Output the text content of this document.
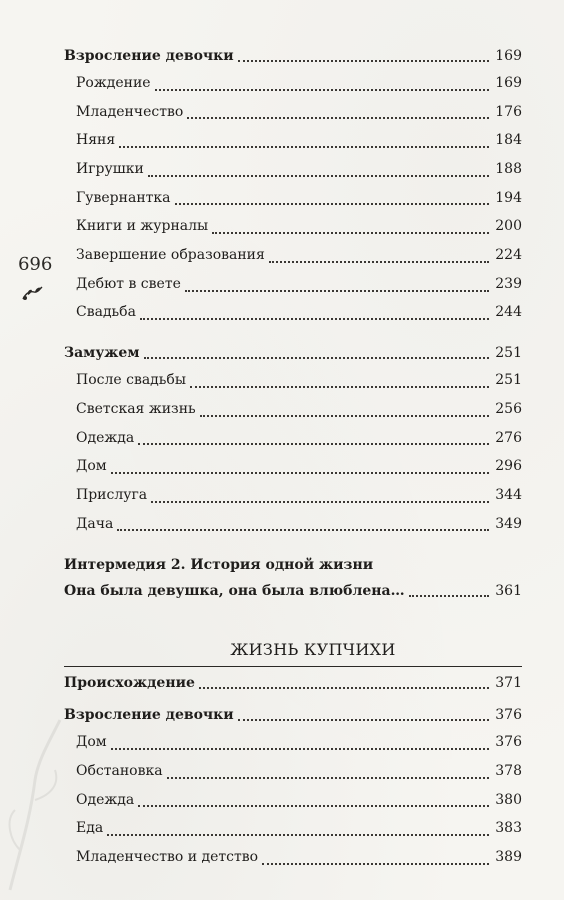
969
Взросление девочки	169
Рождение	169
Младенчество	176
Няня	184
Игрушки	188
Гувернантка	194
Книги и журналы	200
Завершение образования	224
Дебют в свете	239
Свадьба	244
Замужем	251
После свадьбы	251
Светская жизнь	256
Одежда	276
Дом	296
Прислуга	344
Дача	349
Интермедия 2. История одной жизни
Она была девушка, она была влюблена…	361
ЖИЗНЬ КУПЧИХИ
Происхождение	371
Взросление девочки	376
Дом	376
Обстановка	378
Одежда	380
Еда	383
Младенчество и детство	389
